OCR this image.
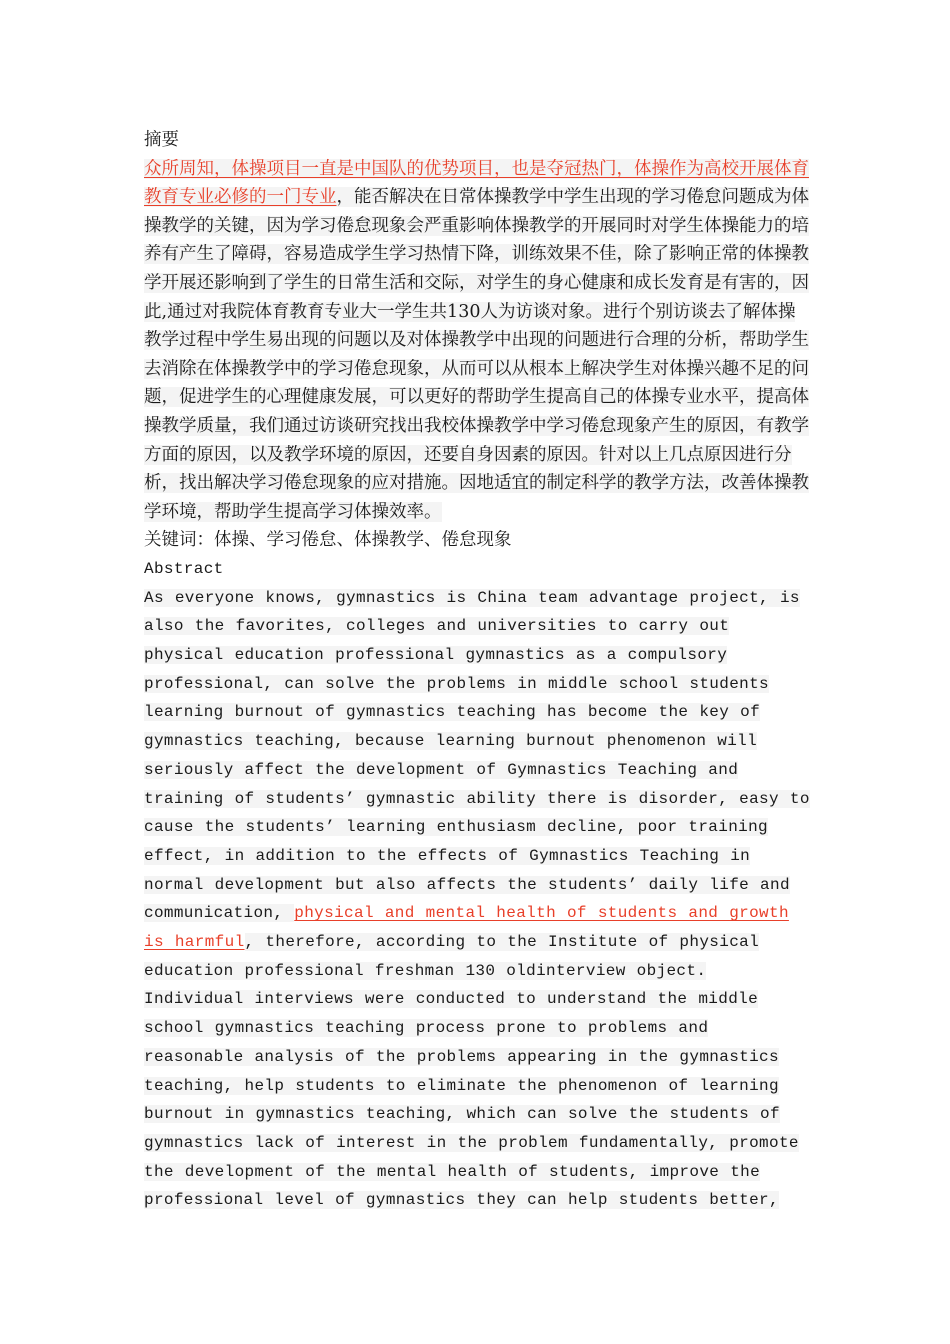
摘要
众所周知，体操项目一直是中国队的优势项目，也是夺冠热门，体操作为高校开展体育教育专业必修的一门专业，能否解决在日常体操教学中学生出现的学习倦怠问题成为体操教学的关键，因为学习倦怠现象会严重影响体操教学的开展同时对学生体操能力的培养有产生了障碍，容易造成学生学习热情下降，训练效果不佳，除了影响正常的体操教学开展还影响到了学生的日常生活和交际，对学生的身心健康和成长发育是有害的，因此,通过对我院体育教育专业大一学生共130人为访谈对象。进行个别访谈去了解体操教学过程中学生易出现的问题以及对体操教学中出现的问题进行合理的分析，帮助学生去消除在体操教学中的学习倦怠现象，从而可以从根本上解决学生对体操兴趣不足的问题，促进学生的心理健康发展，可以更好的帮助学生提高自己的体操专业水平，提高体操教学质量，我们通过访谈研究找出我校体操教学中学习倦怠现象产生的原因，有教学方面的原因，以及教学环境的原因，还要自身因素的原因。针对以上几点原因进行分析，找出解决学习倦怠现象的应对措施。因地适宜的制定科学的教学方法，改善体操教学环境，帮助学生提高学习体操效率。

关键词：体操、学习倦怠、体操教学、倦怠现象

Abstract

As everyone knows, gymnastics is China team advantage project, is also the favorites, colleges and universities to carry out physical education professional gymnastics as a compulsory professional, can solve the problems in middle school students learning burnout of gymnastics teaching has become the key of gymnastics teaching, because learning burnout phenomenon will seriously affect the development of Gymnastics Teaching and training of students’ gymnastic ability there is disorder, easy to cause the students’ learning enthusiasm decline, poor training effect, in addition to the effects of Gymnastics Teaching in normal development but also affects the students’ daily life and communication, physical and mental health of students and growth is harmful, therefore, according to the Institute of physical education professional freshman 130 oldinterview object. Individual interviews were conducted to understand the middle school gymnastics teaching process prone to problems and reasonable analysis of the problems appearing in the gymnastics teaching, help students to eliminate the phenomenon of learning burnout in gymnastics teaching, which can solve the students of gymnastics lack of interest in the problem fundamentally, promote the development of the mental health of students, improve the professional level of gymnastics they can help students better,
